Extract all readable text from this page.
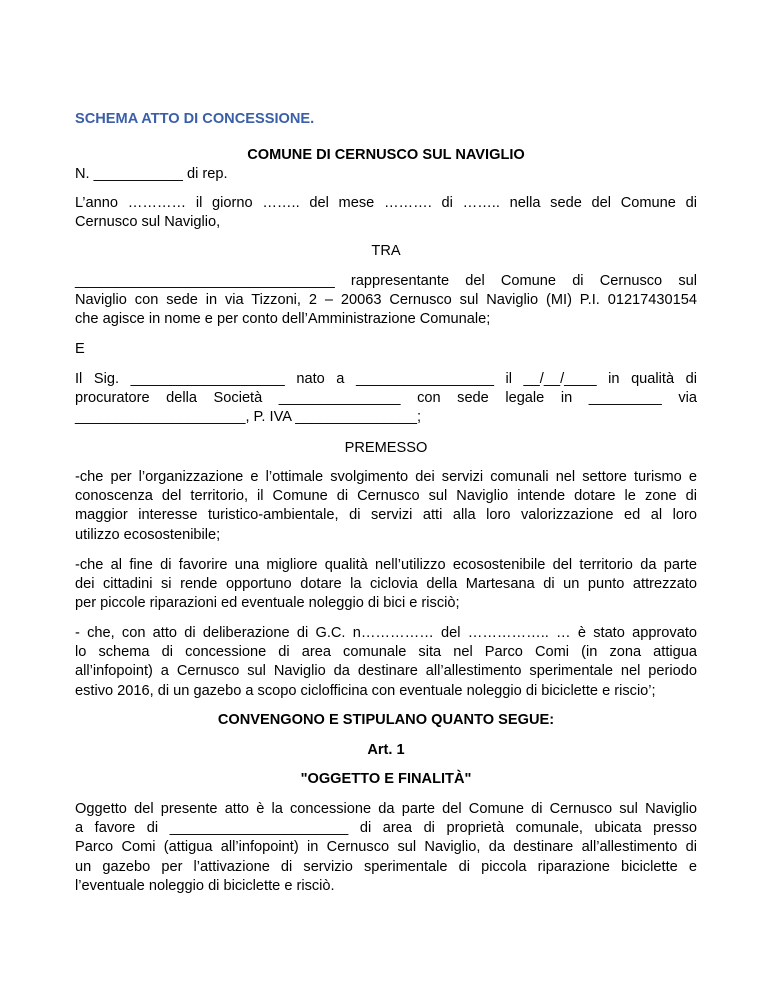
SCHEMA ATTO DI CONCESSIONE.
COMUNE DI CERNUSCO SUL NAVIGLIO
N. ___________ di rep.

L’anno ………… il giorno …….. del mese ………. di …….. nella sede del Comune di

Cernusco sul Naviglio,

TRA

________________________________ rappresentante del Comune di Cernusco sul

Naviglio con sede in via Tizzoni, 2 – 20063 Cernusco sul Naviglio (MI) P.I. 01217430154

che agisce in nome e per conto dell’Amministrazione Comunale;

E

Il Sig. ___________________ nato a _________________ il __/__/____ in qualità di

procuratore della Società _______________ con sede legale in _________ via

_____________________, P. IVA _______________;

PREMESSO

-che per l’organizzazione e l’ottimale svolgimento dei servizi comunali nel settore turismo e

conoscenza del territorio, il Comune di Cernusco sul Naviglio intende dotare le zone di

maggior interesse turistico-ambientale, di servizi atti alla loro valorizzazione ed al loro

utilizzo ecosostenibile;

-che al fine di favorire una migliore qualità nell’utilizzo ecosostenibile del territorio da parte

dei cittadini si rende opportuno dotare la ciclovia della Martesana di un punto attrezzato

per piccole riparazioni ed eventuale noleggio di bici e risciò;

- che, con atto di deliberazione di G.C. n…………… del …………….. … è stato approvato

lo schema di concessione di area comunale sita nel Parco Comi (in zona attigua

all’infopoint) a Cernusco sul Naviglio da destinare all’allestimento sperimentale nel periodo

estivo 2016, di un gazebo a scopo ciclofficina con eventuale noleggio di biciclette e riscio’;

CONVENGONO E STIPULANO QUANTO SEGUE:
Art. 1
"OGGETTO E FINALITÀ"

Oggetto del presente atto è la concessione da parte del Comune di Cernusco sul Naviglio

a favore di ______________________ di area di proprietà comunale, ubicata presso

Parco Comi (attigua all’infopoint) in Cernusco sul Naviglio, da destinare all’allestimento di

un gazebo per l’attivazione di servizio sperimentale di piccola riparazione biciclette e

l’eventuale noleggio di biciclette e risciò.
